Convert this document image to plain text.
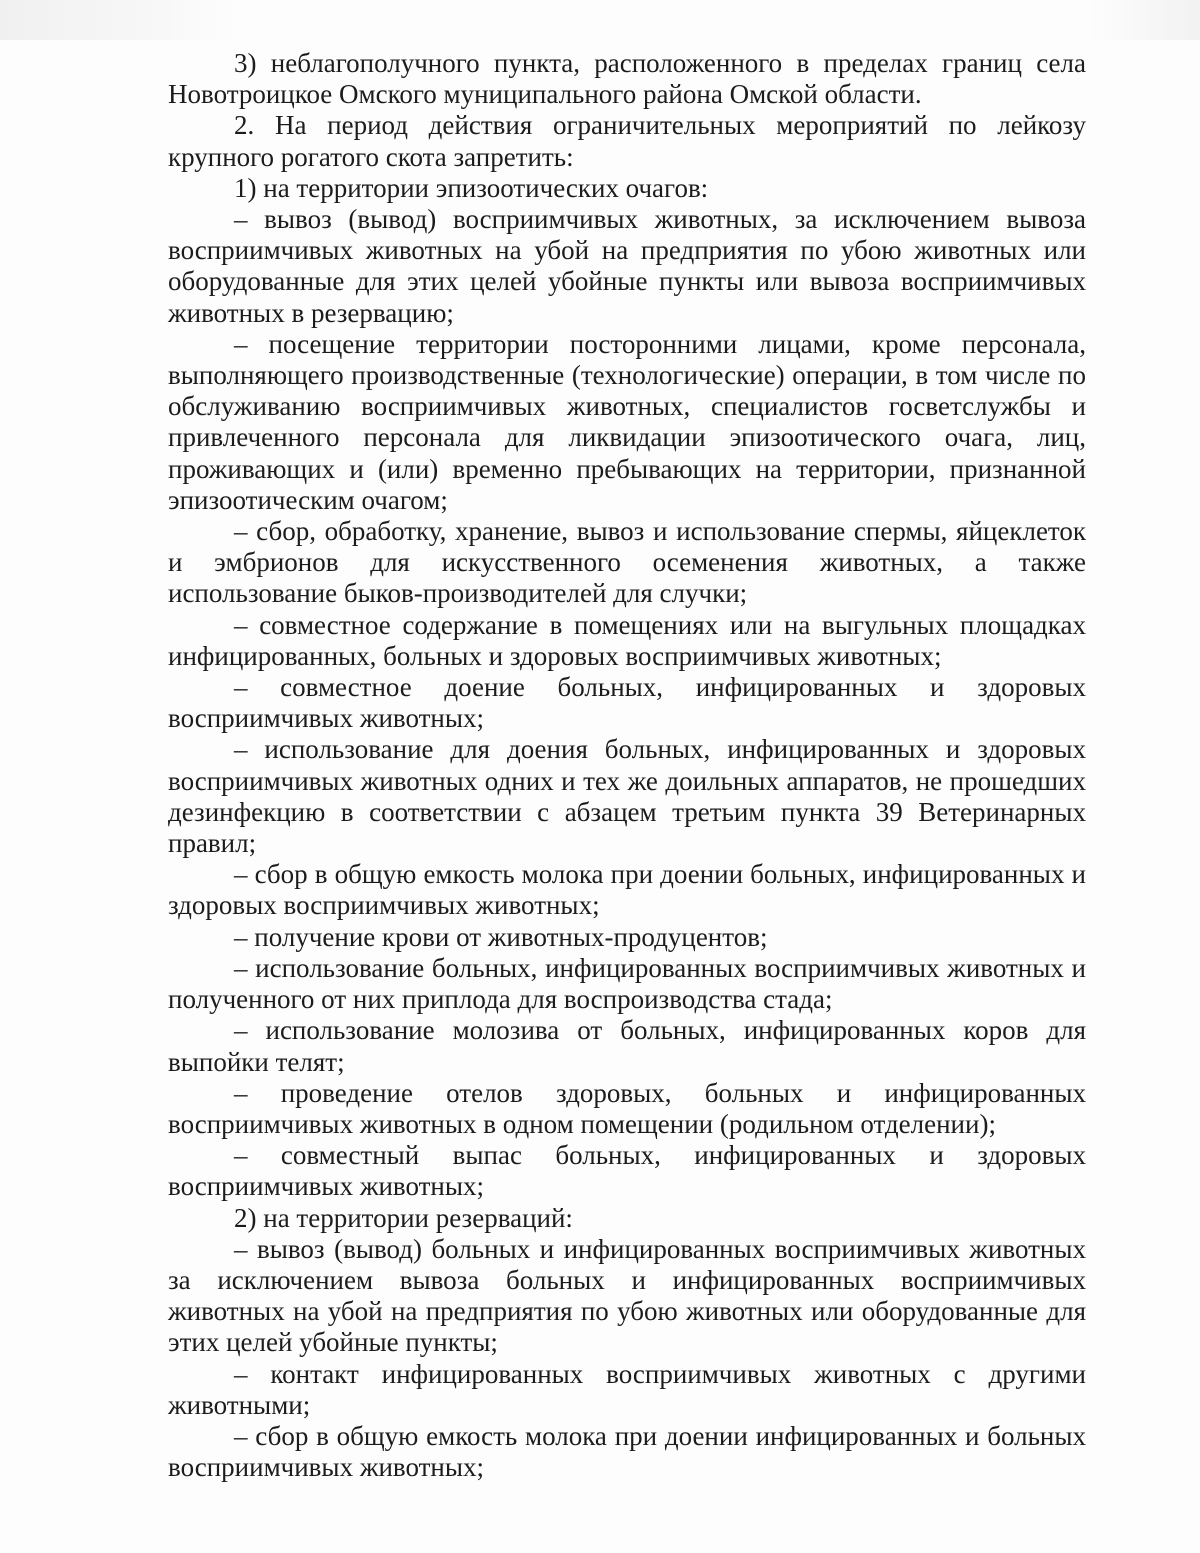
3) неблагополучного пункта, расположенного в пределах границ села Новотроицкое Омского муниципального района Омской области.

2. На период действия ограничительных мероприятий по лейкозу крупного рогатого скота запретить:

1) на территории эпизоотических очагов:

– вывоз (вывод) восприимчивых животных, за исключением вывоза восприимчивых животных на убой на предприятия по убою животных или оборудованные для этих целей убойные пункты или вывоза восприимчивых животных в резервацию;

– посещение территории посторонними лицами, кроме персонала, выполняющего производственные (технологические) операции, в том числе по обслуживанию восприимчивых животных, специалистов госветслужбы и привлеченного персонала для ликвидации эпизоотического очага, лиц, проживающих и (или) временно пребывающих на территории, признанной эпизоотическим очагом;

– сбор, обработку, хранение, вывоз и использование спермы, яйцеклеток и эмбрионов для искусственного осеменения животных, а также использование быков-производителей для случки;

– совместное содержание в помещениях или на выгульных площадках инфицированных, больных и здоровых восприимчивых животных;

– совместное доение больных, инфицированных и здоровых восприимчивых животных;

– использование для доения больных, инфицированных и здоровых восприимчивых животных одних и тех же доильных аппаратов, не прошедших дезинфекцию в соответствии с абзацем третьим пункта 39 Ветеринарных правил;

– сбор в общую емкость молока при доении больных, инфицированных и здоровых восприимчивых животных;

– получение крови от животных-продуцентов;

– использование больных, инфицированных восприимчивых животных и полученного от них приплода для воспроизводства стада;

– использование молозива от больных, инфицированных коров для выпойки телят;

– проведение отелов здоровых, больных и инфицированных восприимчивых животных в одном помещении (родильном отделении);

– совместный выпас больных, инфицированных и здоровых восприимчивых животных;

2) на территории резерваций:

– вывоз (вывод) больных и инфицированных восприимчивых животных за исключением вывоза больных и инфицированных восприимчивых животных на убой на предприятия по убою животных или оборудованные для этих целей убойные пункты;

– контакт инфицированных восприимчивых животных с другими животными;

– сбор в общую емкость молока при доении инфицированных и больных восприимчивых животных;
